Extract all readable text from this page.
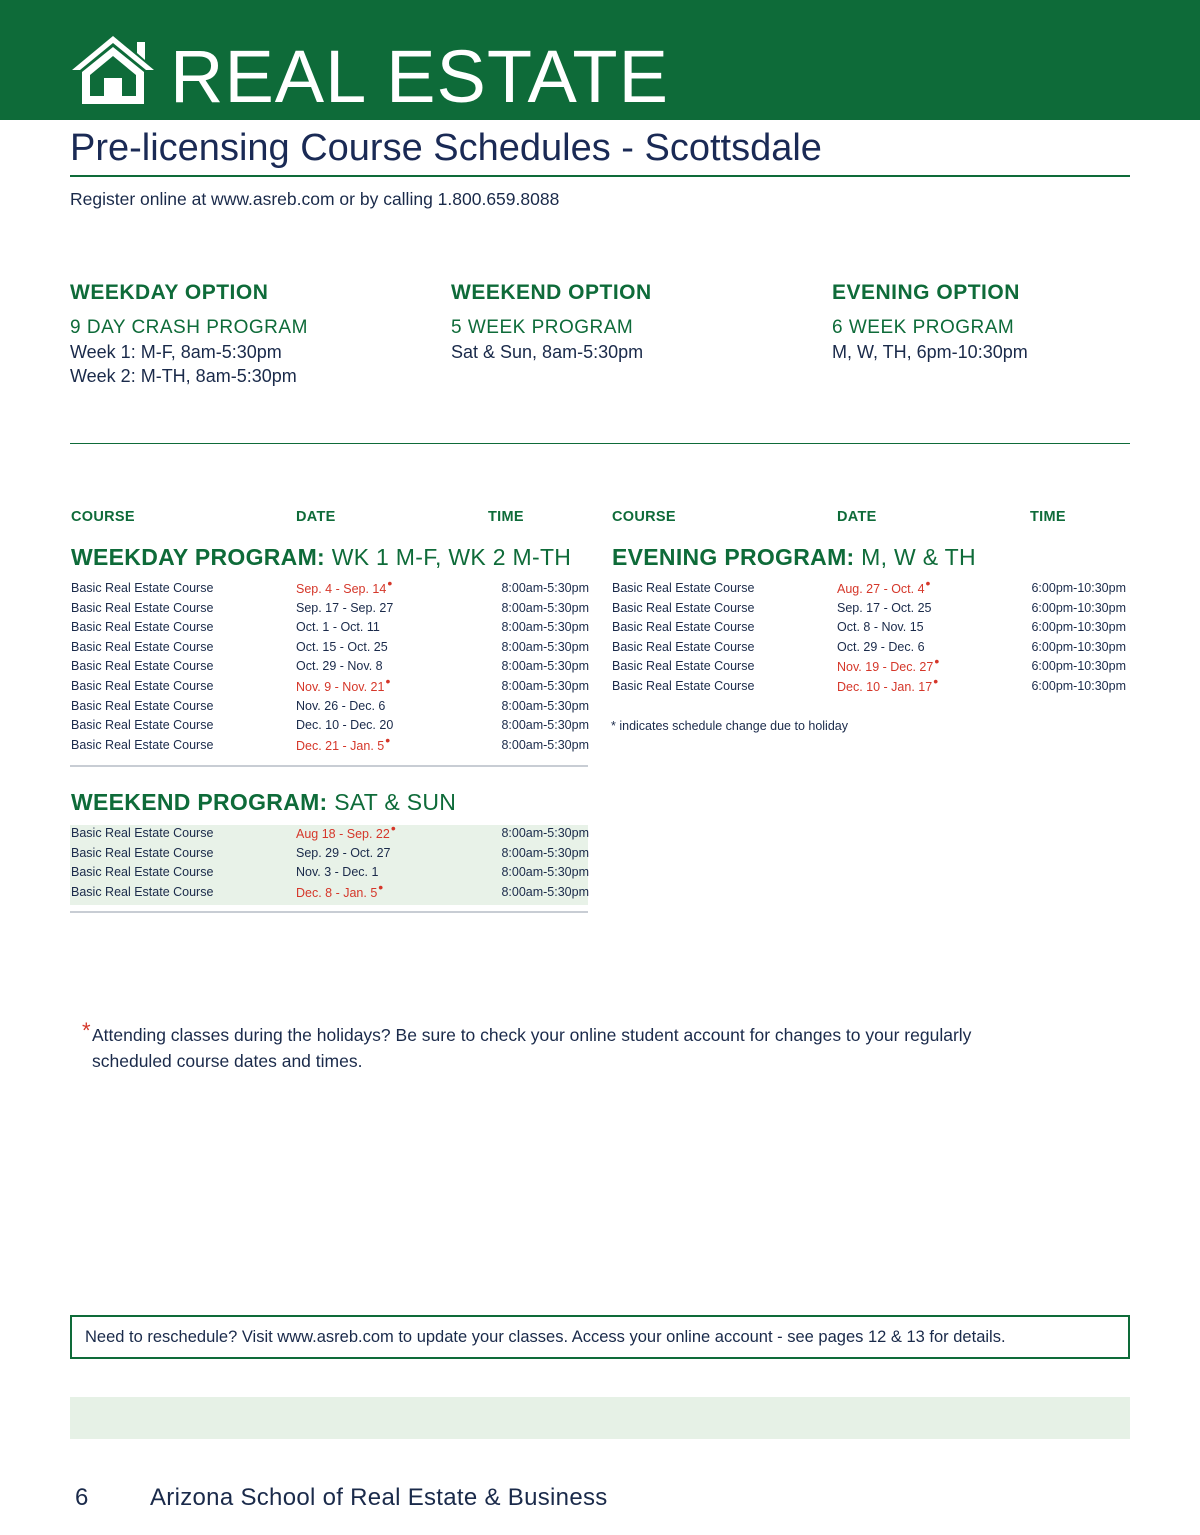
REAL ESTATE
Pre-licensing Course Schedules - Scottsdale
Register online at www.asreb.com or by calling 1.800.659.8088
WEEKDAY OPTION
9 DAY CRASH PROGRAM
Week 1: M-F, 8am-5:30pm
Week 2: M-TH, 8am-5:30pm
WEEKEND OPTION
5 WEEK PROGRAM
Sat & Sun, 8am-5:30pm
EVENING OPTION
6 WEEK PROGRAM
M, W, TH, 6pm-10:30pm
COURSE	DATE	TIME	COURSE	DATE	TIME
WEEKDAY PROGRAM: WK 1 M-F, WK 2 M-TH
Basic Real Estate Course	Sep. 4 - Sep. 14 •	8:00am-5:30pm
Basic Real Estate Course	Sep. 17 - Sep. 27	8:00am-5:30pm
Basic Real Estate Course	Oct. 1 - Oct. 11	8:00am-5:30pm
Basic Real Estate Course	Oct. 15 - Oct. 25	8:00am-5:30pm
Basic Real Estate Course	Oct. 29 - Nov. 8	8:00am-5:30pm
Basic Real Estate Course	Nov. 9 - Nov. 21 •	8:00am-5:30pm
Basic Real Estate Course	Nov. 26 - Dec. 6	8:00am-5:30pm
Basic Real Estate Course	Dec. 10 - Dec. 20	8:00am-5:30pm
Basic Real Estate Course	Dec. 21 - Jan. 5 •	8:00am-5:30pm
EVENING PROGRAM: M, W & TH
Basic Real Estate Course	Aug. 27 - Oct. 4 •	6:00pm-10:30pm
Basic Real Estate Course	Sep. 17 - Oct. 25	6:00pm-10:30pm
Basic Real Estate Course	Oct. 8 - Nov. 15	6:00pm-10:30pm
Basic Real Estate Course	Oct. 29 - Dec. 6	6:00pm-10:30pm
Basic Real Estate Course	Nov. 19 - Dec. 27 •	6:00pm-10:30pm
Basic Real Estate Course	Dec. 10 - Jan. 17 •	6:00pm-10:30pm
* indicates schedule change due to holiday
WEEKEND PROGRAM: SAT & SUN
Basic Real Estate Course	Aug 18 - Sep. 22 •	8:00am-5:30pm
Basic Real Estate Course	Sep. 29 - Oct. 27	8:00am-5:30pm
Basic Real Estate Course	Nov. 3 - Dec. 1	8:00am-5:30pm
Basic Real Estate Course	Dec. 8 - Jan. 5 •	8:00am-5:30pm
* Attending classes during the holidays? Be sure to check your online student account for changes to your regularly scheduled course dates and times.
Need to reschedule? Visit www.asreb.com to update your classes. Access your online account - see pages 12 & 13 for details.
6	Arizona School of Real Estate & Business
